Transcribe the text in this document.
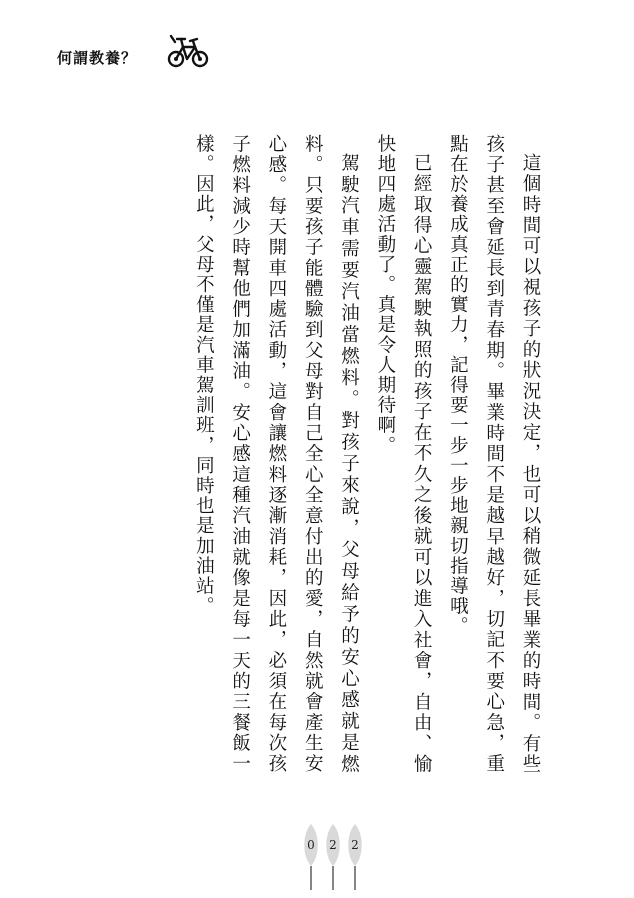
何謂教養？

這個時間可以視孩子的狀況決定，也可以稍微延長畢業的時間。有些孩子甚至會延長到青春期。畢業時間不是越早越好，切記不要心急，重點在於養成真正的實力，記得要一步一步地親切指導哦。

已經取得心靈駕駛執照的孩子在不久之後就可以進入社會，自由、愉快地四處活動了。真是令人期待啊。

駕駛汽車需要汽油當燃料。對孩子來說，父母給予的安心感就是燃料。只要孩子能體驗到父母對自己全心全意付出的愛，自然就會產生安心感。每天開車四處活動，這會讓燃料逐漸消耗，因此，必須在每次孩子燃料減少時幫他們加滿油。安心感這種汽油就像是每一天的三餐飯一樣。因此，父母不僅是汽車駕訓班，同時也是加油站。

0 2 2
